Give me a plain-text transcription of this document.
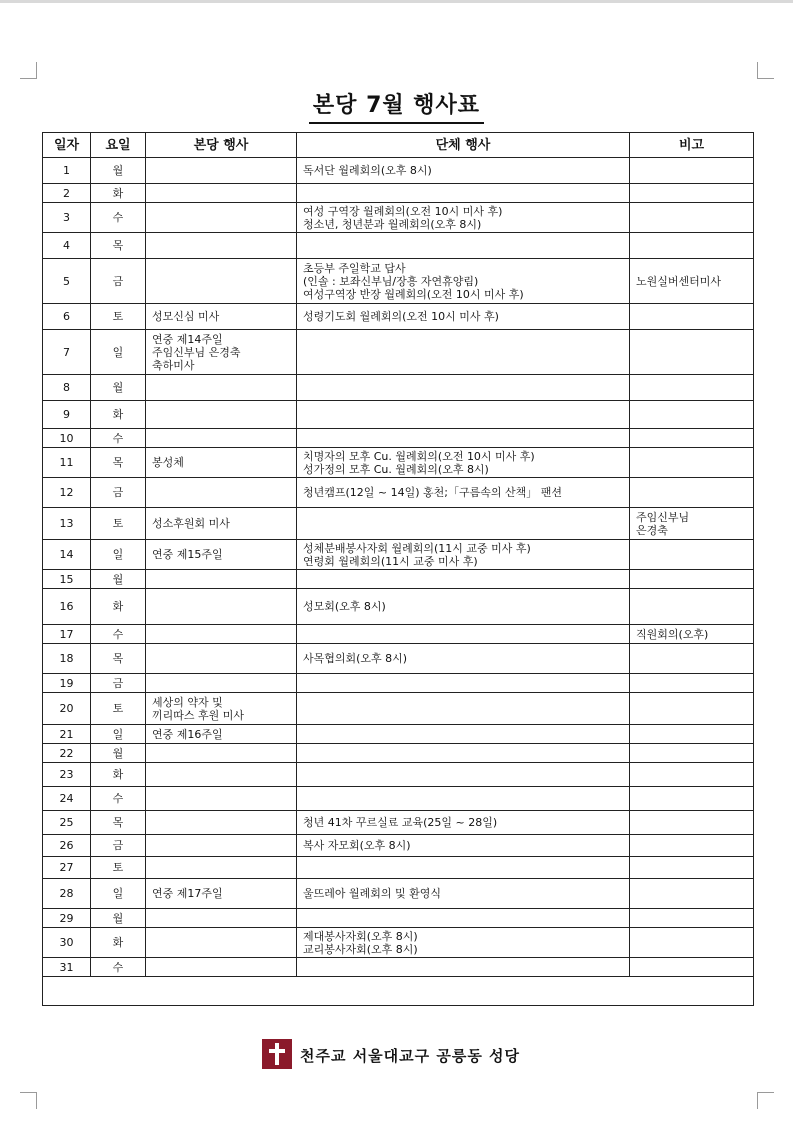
본당 7월 행사표
일자	요일	본당 행사	단체 행사	비고
1	월		독서단 월례회의(오후 8시)	
2	화			
3	수		여성 구역장 월례회의(오전 10시 미사 후)
청소년, 청년분과 월례회의(오후 8시)	
4	목			
5	금		초등부 주일학교 답사
(인솔 : 보좌신부님/장흥 자연휴양림)
여성구역장 반장 월례회의(오전 10시 미사 후)	노원실버센터미사
6	토	성모신심 미사	성령기도회 월례회의(오전 10시 미사 후)	
7	일	연중 제14주일
주임신부님 은경축
축하미사		
8	월			
9	화			
10	수			
11	목	봉성체	치명자의 모후 Cu. 월례회의(오전 10시 미사 후)
성가정의 모후 Cu. 월례회의(오후 8시)	
12	금		청년캠프(12일 ~ 14일) 홍천;「구름속의 산책」 팬션	
13	토	성소후원회 미사		주임신부님
은경축
14	일	연중 제15주일	성체분배봉사자회 월례회의(11시 교중 미사 후)
연령회 월례회의(11시 교중 미사 후)	
15	월			
16	화		성모회(오후 8시)	
17	수			직원회의(오후)
18	목		사목협의회(오후 8시)	
19	금			
20	토	세상의 약자 및
끼리따스 후원 미사		
21	일	연중 제16주일		
22	월			
23	화			
24	수			
25	목		청년 41차 꾸르실료 교육(25일 ~ 28일)	
26	금		복사 자모회(오후 8시)	
27	토			
28	일	연중 제17주일	울뜨레아 월례회의 및 환영식	
29	월			
30	화		제대봉사자회(오후 8시)
교리봉사자회(오후 8시)	
31	수			

천주교 서울대교구 공릉동 성당
